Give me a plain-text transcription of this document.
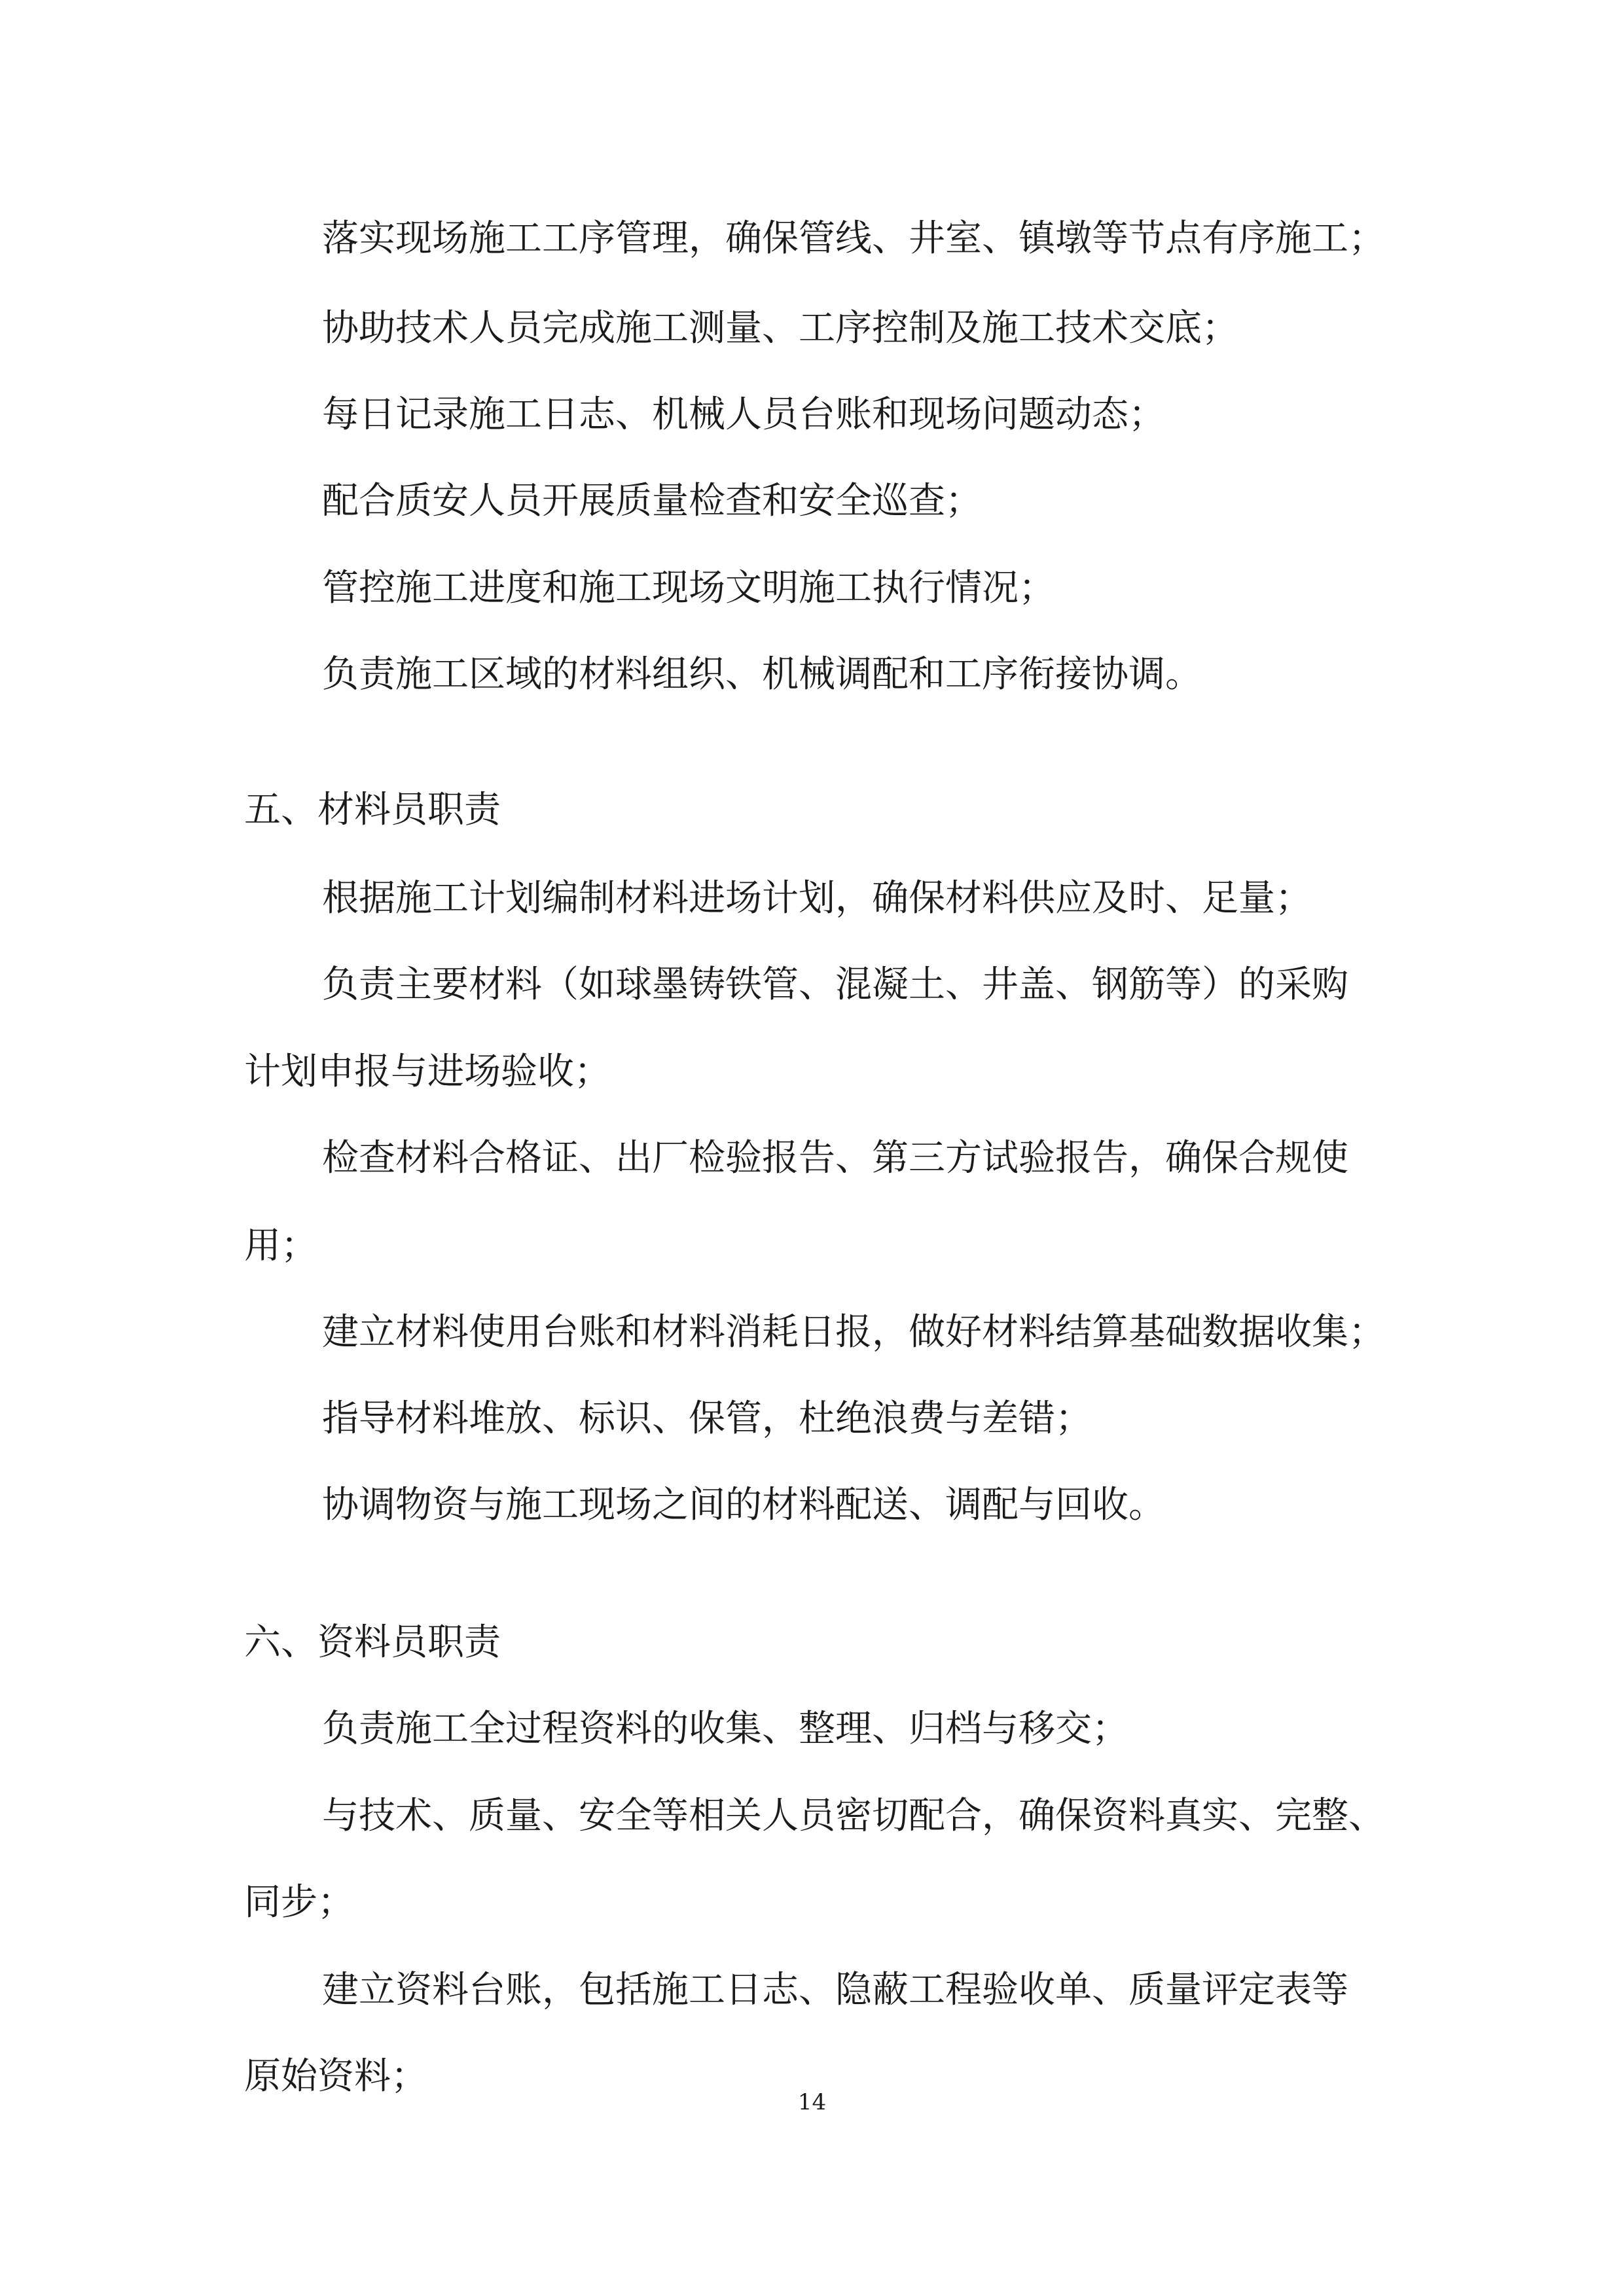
落实现场施工工序管理，确保管线、井室、镇墩等节点有序施工；
协助技术人员完成施工测量、工序控制及施工技术交底；
每日记录施工日志、机械人员台账和现场问题动态；
配合质安人员开展质量检查和安全巡查；
管控施工进度和施工现场文明施工执行情况；
负责施工区域的材料组织、机械调配和工序衔接协调。
五、材料员职责
根据施工计划编制材料进场计划，确保材料供应及时、足量；
负责主要材料（如球墨铸铁管、混凝土、井盖、钢筋等）的采购
计划申报与进场验收；
检查材料合格证、出厂检验报告、第三方试验报告，确保合规使
用；
建立材料使用台账和材料消耗日报，做好材料结算基础数据收集；
指导材料堆放、标识、保管，杜绝浪费与差错；
协调物资与施工现场之间的材料配送、调配与回收。
六、资料员职责
负责施工全过程资料的收集、整理、归档与移交；
与技术、质量、安全等相关人员密切配合，确保资料真实、完整、
同步；
建立资料台账，包括施工日志、隐蔽工程验收单、质量评定表等
原始资料；
14
